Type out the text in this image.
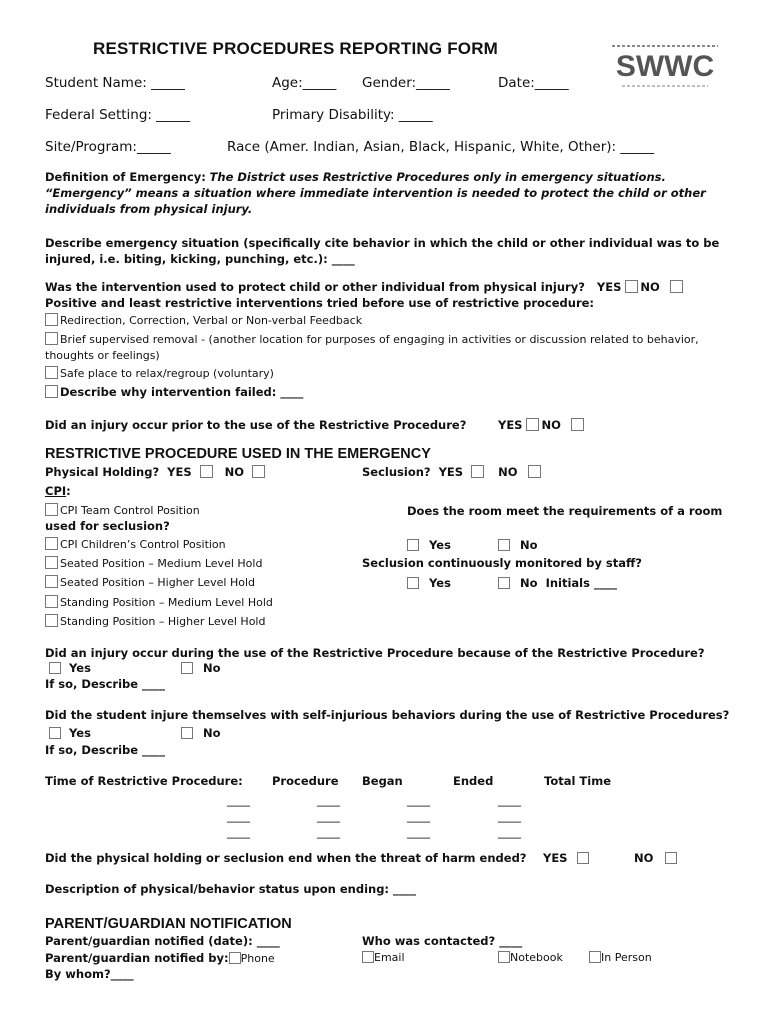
RESTRICTIVE PROCEDURES REPORTING FORM
SWWC
Student Name: _____	Age:_____ Gender:_____	Date:_____
Federal Setting: _____	Primary Disability: _____
Site/Program:_____	Race (Amer. Indian, Asian, Black, Hispanic, White, Other): _____
Definition of Emergency: The District uses Restrictive Procedures only in emergency situations.
“Emergency” means a situation where immediate intervention is needed to protect the child or other
individuals from physical injury.
Describe emergency situation (specifically cite behavior in which the child or other individual was to be
injured, i.e. biting, kicking, punching, etc.): ____
Was the intervention used to protect child or other individual from physical injury? YES NO
Positive and least restrictive interventions tried before use of restrictive procedure:
Redirection, Correction, Verbal or Non-verbal Feedback
Brief supervised removal - (another location for purposes of engaging in activities or discussion related to behavior,
thoughts or feelings)
Safe place to relax/regroup (voluntary)
Describe why intervention failed: ____
Did an injury occur prior to the use of the Restrictive Procedure?	YES NO
RESTRICTIVE PROCEDURE USED IN THE EMERGENCY
Physical Holding? YES	NO	Seclusion? YES	NO
CPI:
CPI Team Control Position	Does the room meet the requirements of a room
used for seclusion?
CPI Children’s Control Position	Yes	No
Seated Position – Medium Level Hold	Seclusion continuously monitored by staff?
Seated Position – Higher Level Hold	Yes	No Initials ____
Standing Position – Medium Level Hold
Standing Position – Higher Level Hold
Did an injury occur during the use of the Restrictive Procedure because of the Restrictive Procedure?
Yes	No
If so, Describe ____
Did the student injure themselves with self-injurious behaviors during the use of Restrictive Procedures?
Yes	No
If so, Describe ____
Time of Restrictive Procedure:	Procedure Began	Ended	Total Time
____	____	____	____
____	____	____	____
____	____	____	____
Did the physical holding or seclusion end when the threat of harm ended? YES	NO
Description of physical/behavior status upon ending: ____
PARENT/GUARDIAN NOTIFICATION
Parent/guardian notified (date): ____	Who was contacted? ____
Parent/guardian notified by: Phone	Email	Notebook	In Person
By whom?____
